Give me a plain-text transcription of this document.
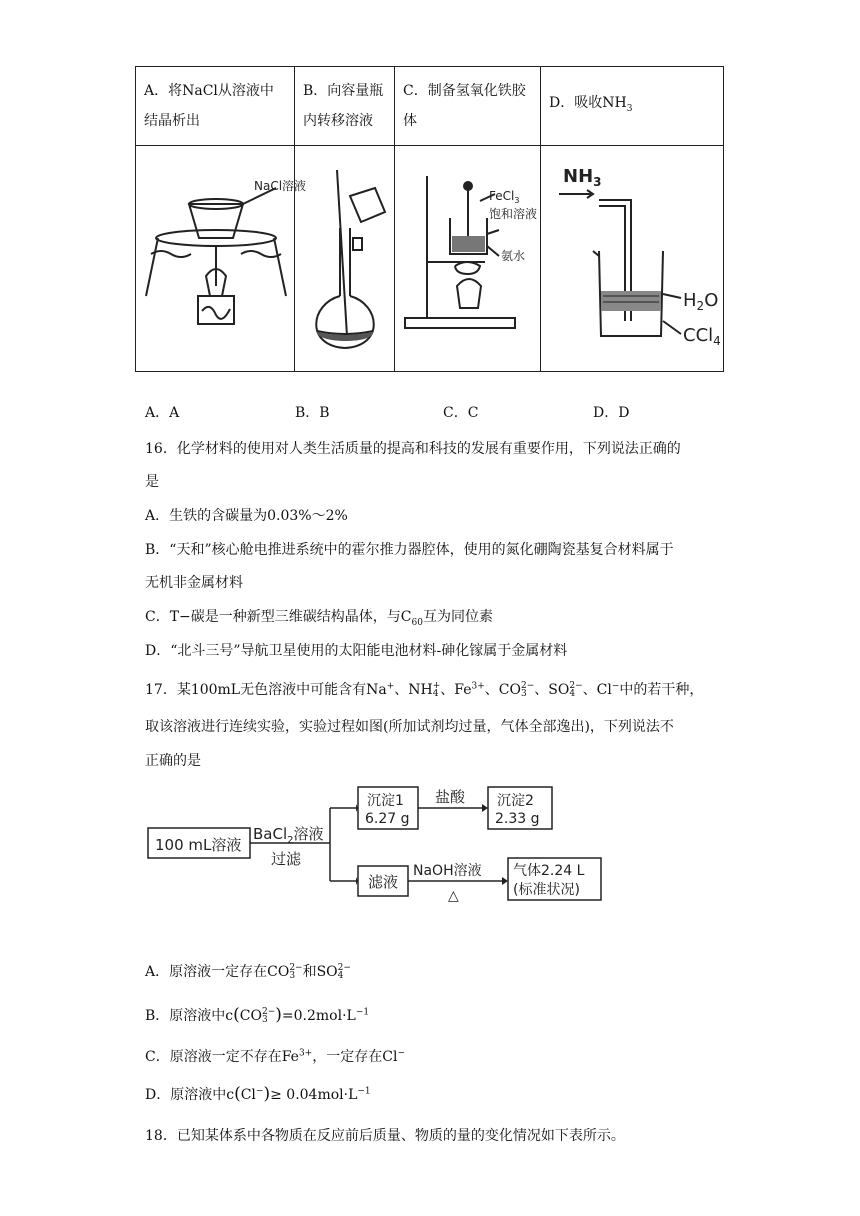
A．将NaCl从溶液中结晶析出	B．向容量瓶内转移溶液	C．制备氢氧化铁胶体	D．吸收$NH_3$

NaCl溶液		FeCl$_3$
饱和溶液
氨水	$NH_3$
$H_2O$
CCl$_4$
A．A	B．B	C．C	D．D
16．化学材料的使用对人类生活质量的提高和科技的发展有重要作用，下列说法正确的
是
A．生铁的含碳量为0.03%～2%
B．“天和”核心舱电推进系统中的霍尔推力器腔体，使用的氮化硼陶瓷基复合材料属于
无机非金属材料
C．T−碳是一种新型三维碳结构晶体，与$C_{60}$互为同位素
D．“北斗三号”导航卫星使用的太阳能电池材料-砷化镓属于金属材料
17．某100mL无色溶液中可能含有Na+、NH +
4 、$Fe^{3+}$、CO 2−
3 、SO 2−
4 、Cl−中的若干种，
取该溶液进行连续实验，实验过程如图(所加试剂均过量，气体全部逸出)，下列说法不
正确的是
100 mL溶液
BaCl$_2$溶液
过滤
沉淀1
6.27 g
盐酸 沉淀2
2.33 g
滤液
NaOH溶液
△
气体2.24 L
(标准状况)
A．原溶液一定存在CO 2−
3 和SO 2−
4
B．原溶液中c(CO 2−
3 )$=0.2mol\cdot L^{-1}$
C．原溶液一定不存在$Fe^{3+}$，一定存在Cl−
D．原溶液中$c(Cl^-)\ge 0.04mol\cdot L^{-1}$
18．已知某体系中各物质在反应前后质量、物质的量的变化情况如下表所示。
